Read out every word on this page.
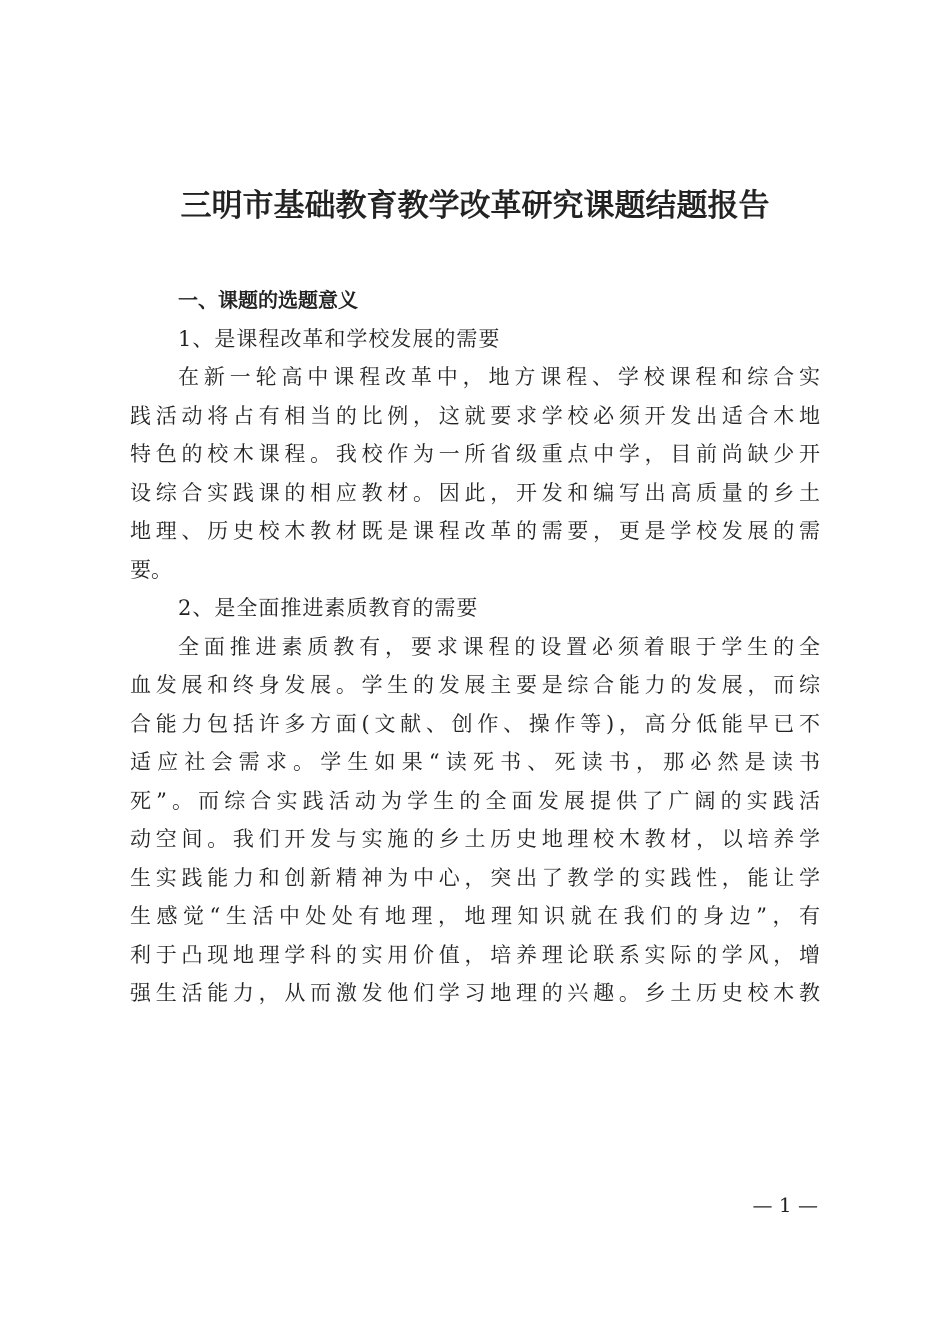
三明市基础教育教学改革研究课题结题报告
一、课题的选题意义
1、是课程改革和学校发展的需要
在新一轮高中课程改革中，地方课程、学校课程和综合实
践活动将占有相当的比例，这就要求学校必须开发出适合木地
特色的校木课程。我校作为一所省级重点中学，目前尚缺少开
设综合实践课的相应教材。因此，开发和编写出高质量的乡土
地理、历史校木教材既是课程改革的需要，更是学校发展的需
要。
2、是全面推进素质教育的需要
全面推进素质教有，要求课程的设置必须着眼于学生的全
血发展和终身发展。学生的发展主要是综合能力的发展，而综
合能力包括许多方面(文献、创作、操作等)，高分低能早已不
适应社会需求。学生如果“读死书、死读书，那必然是读书
死”。而综合实践活动为学生的全面发展提供了广阔的实践活
动空间。我们开发与实施的乡土历史地理校木教材，以培养学
生实践能力和创新精神为中心，突出了教学的实践性，能让学
生感觉“生活中处处有地理，地理知识就在我们的身边”，有
利于凸现地理学科的实用价值，培养理论联系实际的学风，增
强生活能力，从而激发他们学习地理的兴趣。乡土历史校木教
— 1 —
